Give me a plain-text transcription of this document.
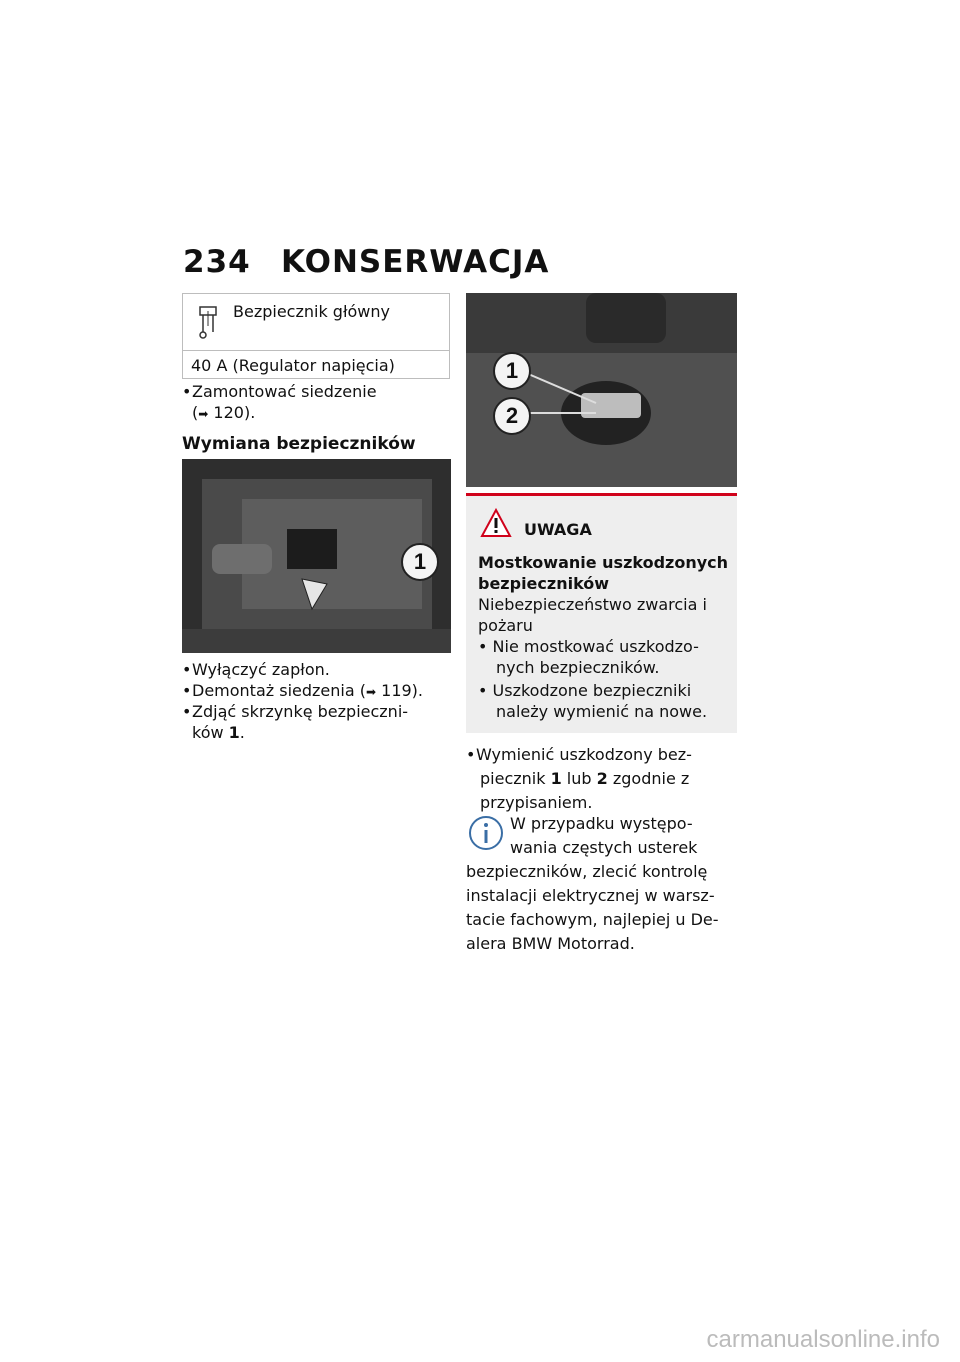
234 KONSERWACJA
Bezpiecznik główny
40 A (Regulator napięcia)
•Zamontować siedzenie
(➡ 120).
Wymiana bezpieczników
1
•Wyłączyć zapłon.
•Demontaż siedzenia (➡ 119).
•Zdjąć skrzynkę bezpieczni-
ków 1.
1
2
UWAGA
Mostkowanie uszkodzonych
bezpieczników
Niebezpieczeństwo zwarcia i
pożaru
• Nie mostkować uszkodzo-
nych bezpieczników.
• Uszkodzone bezpieczniki
należy wymienić na nowe.
•Wymienić uszkodzony bez-
piecznik 1 lub 2 zgodnie z
przypisaniem.
W przypadku występo-
wania częstych usterek
bezpieczników, zlecić kontrolę
instalacji elektrycznej w warsz-
tacie fachowym, najlepiej u De-
alera BMW Motorrad.
carmanualsonline.info
